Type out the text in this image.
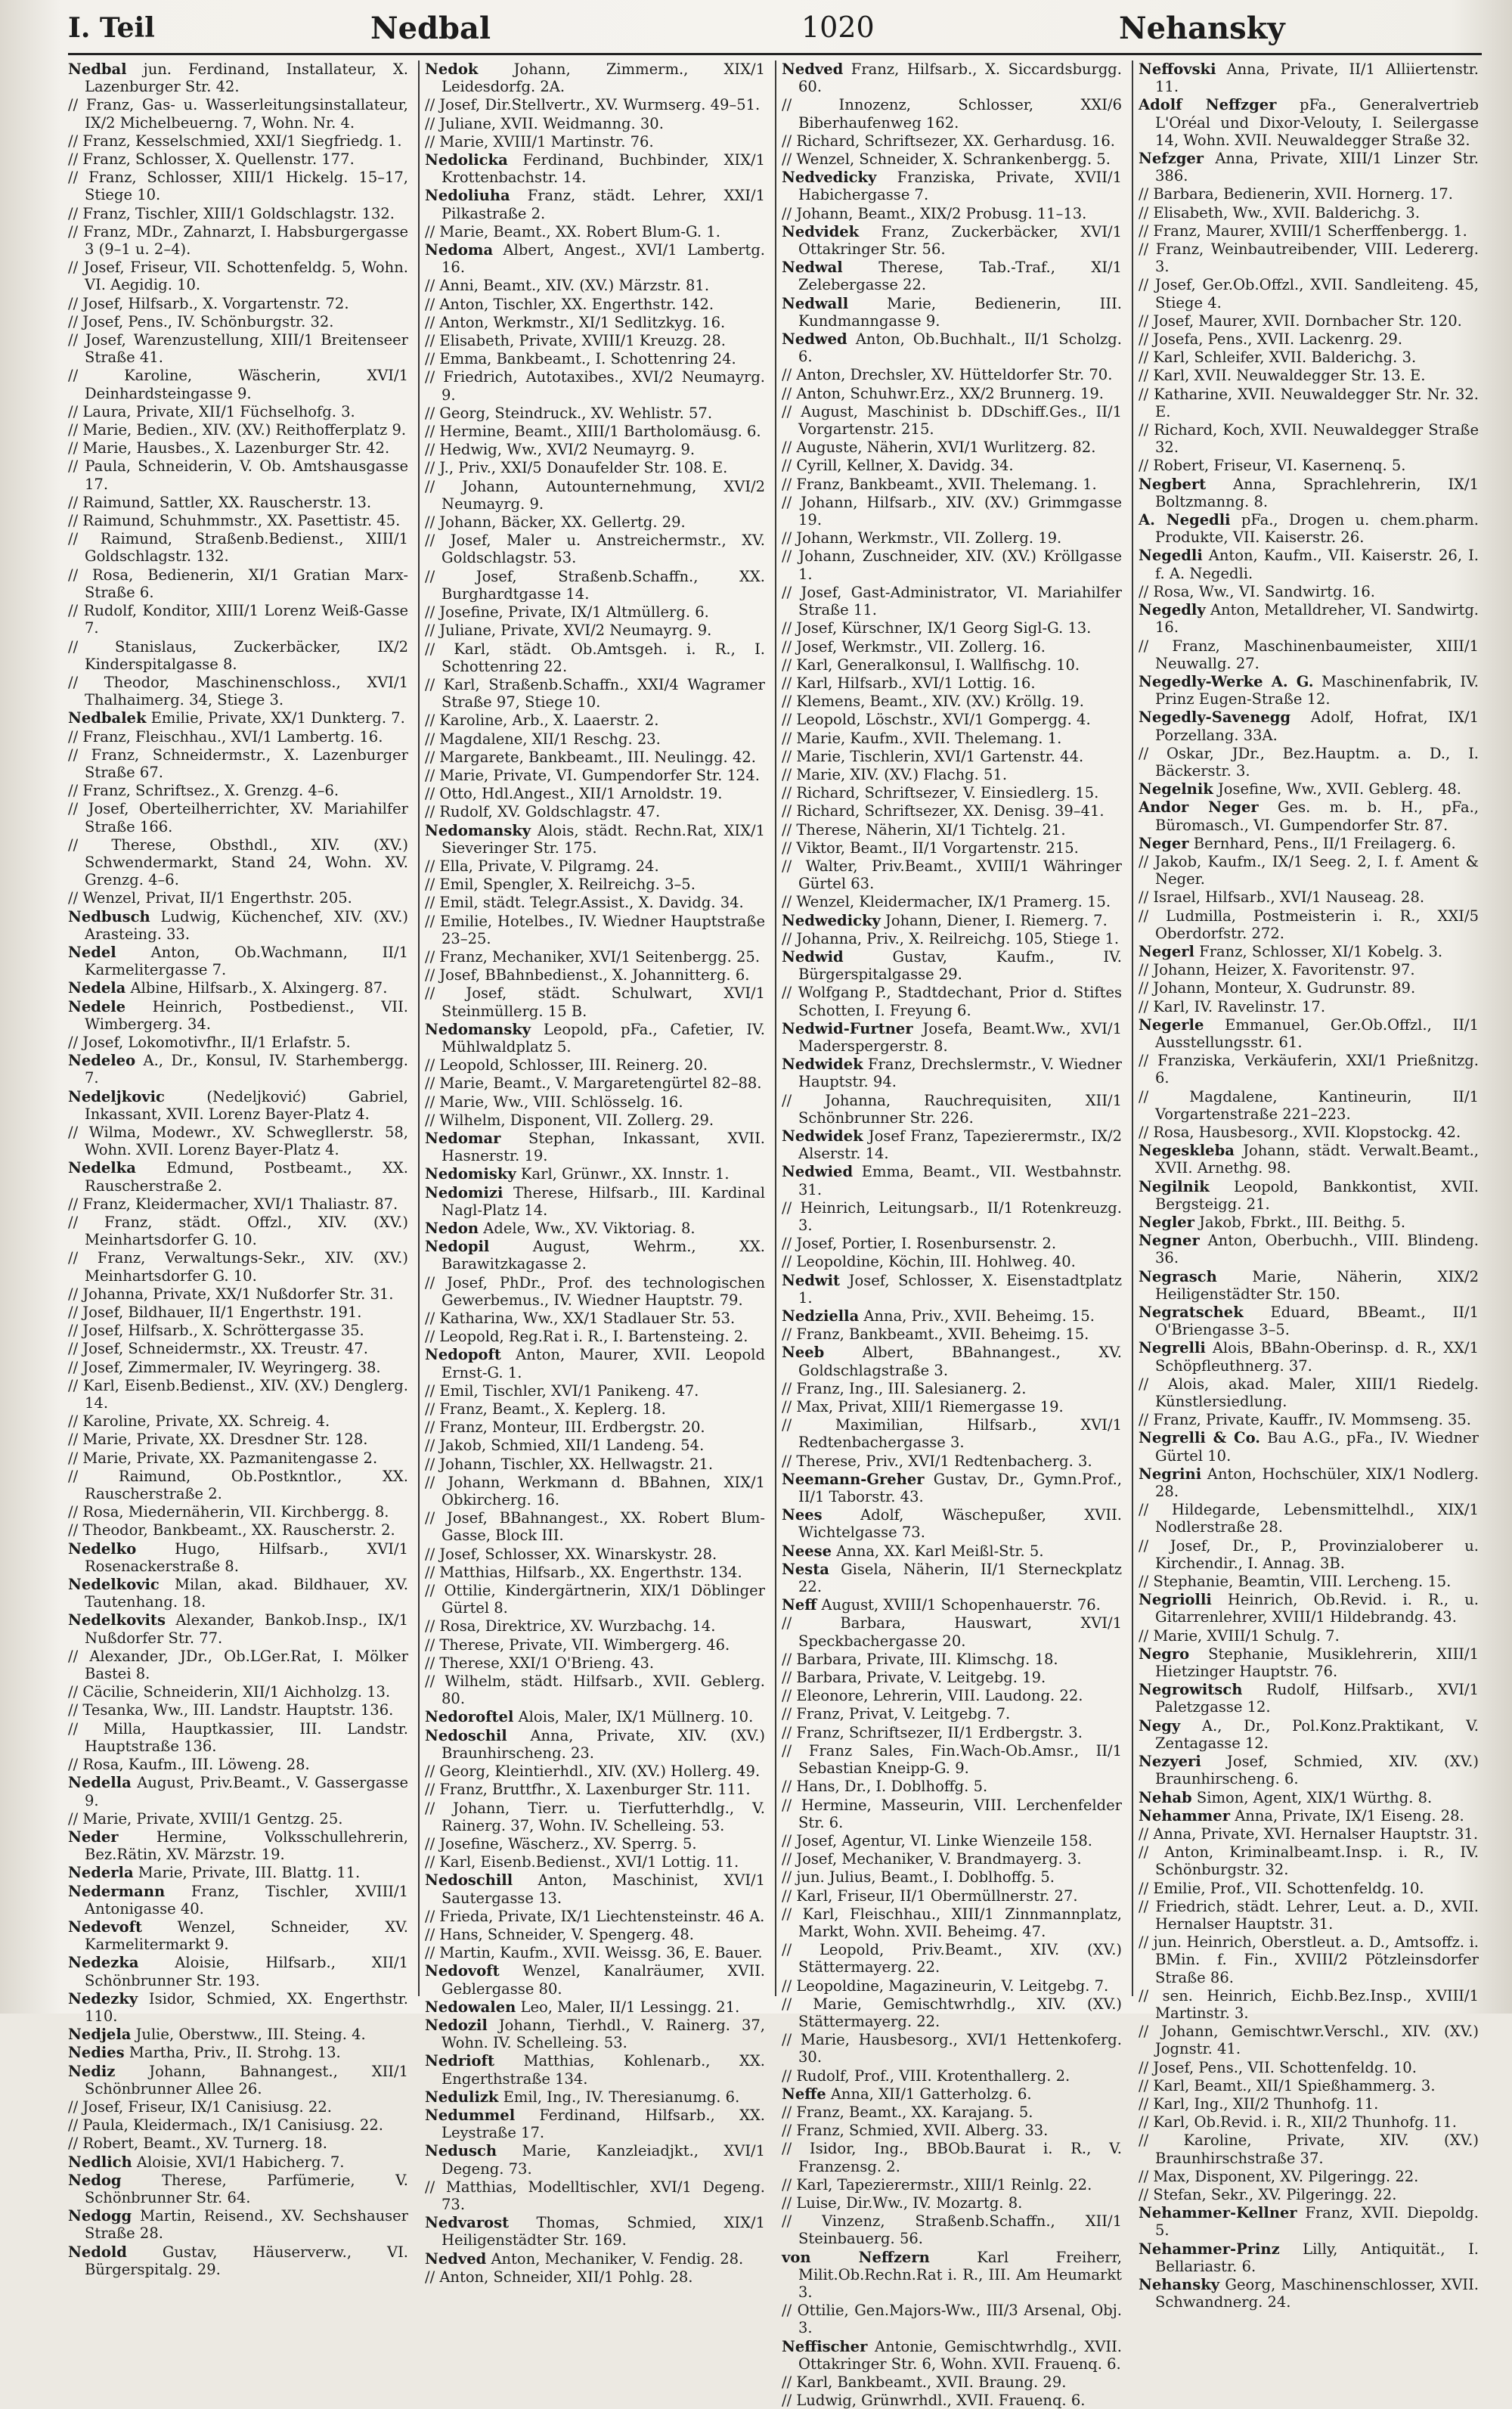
I. Teil	Nedbal	1020	Nehansky
Nedbal jun. Ferdinand, Installateur, X. Lazenburger Str. 42.
// Franz, Gas- u. Wasserleitungsinstallateur, IX/2 Michelbeuerng. 7, Wohn. Nr. 4.
// Franz, Kesselschmied, XXI/1 Siegfriedg. 1.
// Franz, Schlosser, X. Quellenstr. 177.
// Franz, Schlosser, XIII/1 Hickelg. 15–17, Stiege 10.
// Franz, Tischler, XIII/1 Goldschlagstr. 132.
// Franz, MDr., Zahnarzt, I. Habsburgergasse 3 (9–1 u. 2–4).
// Josef, Friseur, VII. Schottenfeldg. 5, Wohn. VI. Aegidig. 10.
// Josef, Hilfsarb., X. Vorgartenstr. 72.
// Josef, Pens., IV. Schönburgstr. 32.
// Josef, Warenzustellung, XIII/1 Breitenseer Straße 41.
// Karoline, Wäscherin, XVI/1 Deinhardsteingasse 9.
// Laura, Private, XII/1 Füchselhofg. 3.
// Marie, Bedien., XIV. (XV.) Reithofferplatz 9.
// Marie, Hausbes., X. Lazenburger Str. 42.
// Paula, Schneiderin, V. Ob. Amtshausgasse 17.
// Raimund, Sattler, XX. Rauscherstr. 13.
// Raimund, Schuhmmstr., XX. Pasettistr. 45.
// Raimund, Straßenb.Bedienst., XIII/1 Goldschlagstr. 132.
// Rosa, Bedienerin, XI/1 Gratian Marx-Straße 6.
// Rudolf, Konditor, XIII/1 Lorenz Weiß-Gasse 7.
// Stanislaus, Zuckerbäcker, IX/2 Kinderspitalgasse 8.
// Theodor, Maschinenschloss., XVI/1 Thalhaimerg. 34, Stiege 3.
Nedbalek Emilie, Private, XX/1 Dunkterg. 7.
// Franz, Fleischhau., XVI/1 Lambertg. 16.
// Franz, Schneidermstr., X. Lazenburger Straße 67.
// Franz, Schriftsez., X. Grenzg. 4–6.
// Josef, Oberteilherrichter, XV. Mariahilfer Straße 166.
// Therese, Obsthdl., XIV. (XV.) Schwendermarkt, Stand 24, Wohn. XV. Grenzg. 4–6.
// Wenzel, Privat, II/1 Engerthstr. 205.
Nedbusch Ludwig, Küchenchef, XIV. (XV.) Arasteing. 33.
Nedel Anton, Ob.Wachmann, II/1 Karmelitergasse 7.
Nedela Albine, Hilfsarb., X. Alxingerg. 87.
Nedele Heinrich, Postbedienst., VII. Wimbergerg. 34.
// Josef, Lokomotivfhr., II/1 Erlafstr. 5.
Nedeleo A., Dr., Konsul, IV. Starhembergg. 7.
Nedeljkovic (Nedeljković) Gabriel, Inkassant, XVII. Lorenz Bayer-Platz 4.
// Wilma, Modewr., XV. Schwegllerstr. 58, Wohn. XVII. Lorenz Bayer-Platz 4.
Nedelka Edmund, Postbeamt., XX. Rauscherstraße 2.
// Franz, Kleidermacher, XVI/1 Thaliastr. 87.
// Franz, städt. Offzl., XIV. (XV.) Meinhartsdorfer G. 10.
// Franz, Verwaltungs-Sekr., XIV. (XV.) Meinhartsdorfer G. 10.
// Johanna, Private, XX/1 Nußdorfer Str. 31.
// Josef, Bildhauer, II/1 Engerthstr. 191.
// Josef, Hilfsarb., X. Schröttergasse 35.
// Josef, Schneidermstr., XX. Treustr. 47.
// Josef, Zimmermaler, IV. Weyringerg. 38.
// Karl, Eisenb.Bedienst., XIV. (XV.) Denglerg. 14.
// Karoline, Private, XX. Schreig. 4.
// Marie, Private, XX. Dresdner Str. 128.
// Marie, Private, XX. Pazmanitengasse 2.
// Raimund, Ob.Postkntlor., XX. Rauscherstraße 2.
// Rosa, Miedernäherin, VII. Kirchbergg. 8.
// Theodor, Bankbeamt., XX. Rauscherstr. 2.
Nedelko Hugo, Hilfsarb., XVI/1 Rosenackerstraße 8.
Nedelkovic Milan, akad. Bildhauer, XV. Tautenhang. 18.
Nedelkovits Alexander, Bankob.Insp., IX/1 Nußdorfer Str. 77.
// Alexander, JDr., Ob.LGer.Rat, I. Mölker Bastei 8.
// Cäcilie, Schneiderin, XII/1 Aichholzg. 13.
// Tesanka, Ww., III. Landstr. Hauptstr. 136.
// Milla, Hauptkassier, III. Landstr. Hauptstraße 136.
// Rosa, Kaufm., III. Löweng. 28.
Nedella August, Priv.Beamt., V. Gassergasse 9.
// Marie, Private, XVIII/1 Gentzg. 25.
Neder Hermine, Volksschullehrerin, Bez.Rätin, XV. Märzstr. 19.
Nederla Marie, Private, III. Blattg. 11.
Nedermann Franz, Tischler, XVIII/1 Antonigasse 40.
Nedevoft Wenzel, Schneider, XV. Karmelitermarkt 9.
Nedezka Aloisie, Hilfsarb., XII/1 Schönbrunner Str. 193.
Nedezky Isidor, Schmied, XX. Engerthstr. 110.
Nedjela Julie, Oberstww., III. Steing. 4.
Nedies Martha, Priv., II. Strohg. 13.
Nediz Johann, Bahnangest., XII/1 Schönbrunner Allee 26.
// Josef, Friseur, IX/1 Canisiusg. 22.
// Paula, Kleidermach., IX/1 Canisiusg. 22.
// Robert, Beamt., XV. Turnerg. 18.
Nedlich Aloisie, XVI/1 Habicherg. 7.
Nedog Therese, Parfümerie, V. Schönbrunner Str. 64.
Nedogg Martin, Reisend., XV. Sechshauser Straße 28.
Nedold Gustav, Häuserverw., VI. Bürgerspitalg. 29.
Nedok Johann, Zimmerm., XIX/1 Leidesdorfg. 2A.
// Josef, Dir.Stellvertr., XV. Wurmserg. 49–51.
// Juliane, XVII. Weidmanng. 30.
// Marie, XVIII/1 Martinstr. 76.
Nedolicka Ferdinand, Buchbinder, XIX/1 Krottenbachstr. 14.
Nedoliuha Franz, städt. Lehrer, XXI/1 Pilkastraße 2.
// Marie, Beamt., XX. Robert Blum-G. 1.
Nedoma Albert, Angest., XVI/1 Lambertg. 16.
// Anni, Beamt., XIV. (XV.) Märzstr. 81.
// Anton, Tischler, XX. Engerthstr. 142.
// Anton, Werkmstr., XI/1 Sedlitzkyg. 16.
// Elisabeth, Private, XVIII/1 Kreuzg. 28.
// Emma, Bankbeamt., I. Schottenring 24.
// Friedrich, Autotaxibes., XVI/2 Neumayrg. 9.
// Georg, Steindruck., XV. Wehlistr. 57.
// Hermine, Beamt., XIII/1 Bartholomäusg. 6.
// Hedwig, Ww., XVI/2 Neumayrg. 9.
// J., Priv., XXI/5 Donaufelder Str. 108. E.
// Johann, Autounternehmung, XVI/2 Neumayrg. 9.
// Johann, Bäcker, XX. Gellertg. 29.
// Josef, Maler u. Anstreichermstr., XV. Goldschlagstr. 53.
// Josef, Straßenb.Schaffn., XX. Burghardtgasse 14.
// Josefine, Private, IX/1 Altmüllerg. 6.
// Juliane, Private, XVI/2 Neumayrg. 9.
// Karl, städt. Ob.Amtsgeh. i. R., I. Schottenring 22.
// Karl, Straßenb.Schaffn., XXI/4 Wagramer Straße 97, Stiege 10.
// Karoline, Arb., X. Laaerstr. 2.
// Magdalene, XII/1 Reschg. 23.
// Margarete, Bankbeamt., III. Neulingg. 42.
// Marie, Private, VI. Gumpendorfer Str. 124.
// Otto, Hdl.Angest., XII/1 Arnoldstr. 19.
// Rudolf, XV. Goldschlagstr. 47.
Nedomansky Alois, städt. Rechn.Rat, XIX/1 Sieveringer Str. 175.
// Ella, Private, V. Pilgramg. 24.
// Emil, Spengler, X. Reilreichg. 3–5.
// Emil, städt. Telegr.Assist., X. Davidg. 34.
// Emilie, Hotelbes., IV. Wiedner Hauptstraße 23–25.
// Franz, Mechaniker, XVI/1 Seitenbergg. 25.
// Josef, BBahnbedienst., X. Johannitterg. 6.
// Josef, städt. Schulwart, XVI/1 Steinmüllerg. 15 B.
Nedomansky Leopold, pFa., Cafetier, IV. Mühlwaldplatz 5.
// Leopold, Schlosser, III. Reinerg. 20.
// Marie, Beamt., V. Margaretengürtel 82–88.
// Marie, Ww., VIII. Schlösselg. 16.
// Wilhelm, Disponent, VII. Zollerg. 29.
Nedomar Stephan, Inkassant, XVII. Hasnerstr. 19.
Nedomisky Karl, Grünwr., XX. Innstr. 1.
Nedomizi Therese, Hilfsarb., III. Kardinal Nagl-Platz 14.
Nedon Adele, Ww., XV. Viktoriag. 8.
Nedopil August, Wehrm., XX. Barawitzkagasse 2.
// Josef, PhDr., Prof. des technologischen Gewerbemus., IV. Wiedner Hauptstr. 79.
// Katharina, Ww., XX/1 Stadlauer Str. 53.
// Leopold, Reg.Rat i. R., I. Bartensteing. 2.
Nedopoft Anton, Maurer, XVII. Leopold Ernst-G. 1.
// Emil, Tischler, XVI/1 Panikeng. 47.
// Franz, Beamt., X. Keplerg. 18.
// Franz, Monteur, III. Erdbergstr. 20.
// Jakob, Schmied, XII/1 Landeng. 54.
// Johann, Tischler, XX. Hellwagstr. 21.
// Johann, Werkmann d. BBahnen, XIX/1 Obkircherg. 16.
// Josef, BBahnangest., XX. Robert Blum-Gasse, Block III.
// Josef, Schlosser, XX. Winarskystr. 28.
// Matthias, Hilfsarb., XX. Engerthstr. 134.
// Ottilie, Kindergärtnerin, XIX/1 Döblinger Gürtel 8.
// Rosa, Direktrice, XV. Wurzbachg. 14.
// Therese, Private, VII. Wimbergerg. 46.
// Therese, XXI/1 O'Brieng. 43.
// Wilhelm, städt. Hilfsarb., XVII. Geblerg. 80.
Nedoroftel Alois, Maler, IX/1 Müllnerg. 10.
Nedoschil Anna, Private, XIV. (XV.) Braunhirscheng. 23.
// Georg, Kleintierhdl., XIV. (XV.) Hollerg. 49.
// Franz, Bruttfhr., X. Laxenburger Str. 111.
// Johann, Tierr. u. Tierfutterhdlg., V. Rainerg. 37, Wohn. IV. Schelleing. 53.
// Josefine, Wäscherz., XV. Sperrg. 5.
// Karl, Eisenb.Bedienst., XVI/1 Lottig. 11.
Nedoschill Anton, Maschinist, XVI/1 Sautergasse 13.
// Frieda, Private, IX/1 Liechtensteinstr. 46 A.
// Hans, Schneider, V. Spengerg. 48.
// Martin, Kaufm., XVII. Weissg. 36, E. Bauer.
Nedovoft Wenzel, Kanalräumer, XVII. Geblergasse 80.
Nedowalen Leo, Maler, II/1 Lessingg. 21.
Nedozil Johann, Tierhdl., V. Rainerg. 37, Wohn. IV. Schelleing. 53.
Nedrioft Matthias, Kohlenarb., XX. Engerthstraße 134.
Nedulizk Emil, Ing., IV. Theresianumg. 6.
Nedummel Ferdinand, Hilfsarb., XX. Leystraße 17.
Nedusch Marie, Kanzleiadjkt., XVI/1 Degeng. 73.
// Matthias, Modelltischler, XVI/1 Degeng. 73.
Nedvarost Thomas, Schmied, XIX/1 Heiligenstädter Str. 169.
Nedved Anton, Mechaniker, V. Fendig. 28.
// Anton, Schneider, XII/1 Pohlg. 28.
Nedved Franz, Hilfsarb., X. Siccardsburgg. 60.
// Innozenz, Schlosser, XXI/6 Biberhaufenweg 162.
// Richard, Schriftsezer, XX. Gerhardusg. 16.
// Wenzel, Schneider, X. Schrankenbergg. 5.
Nedvedicky Franziska, Private, XVII/1 Habichergasse 7.
// Johann, Beamt., XIX/2 Probusg. 11–13.
Nedvidek Franz, Zuckerbäcker, XVI/1 Ottakringer Str. 56.
Nedwal Therese, Tab.-Traf., XI/1 Zelebergasse 22.
Nedwall Marie, Bedienerin, III. Kundmanngasse 9.
Nedwed Anton, Ob.Buchhalt., II/1 Scholzg. 6.
// Anton, Drechsler, XV. Hütteldorfer Str. 70.
// Anton, Schuhwr.Erz., XX/2 Brunnerg. 19.
// August, Maschinist b. DDschiff.Ges., II/1 Vorgartenstr. 215.
// Auguste, Näherin, XVI/1 Wurlitzerg. 82.
// Cyrill, Kellner, X. Davidg. 34.
// Franz, Bankbeamt., XVII. Thelemang. 1.
// Johann, Hilfsarb., XIV. (XV.) Grimmgasse 19.
// Johann, Werkmstr., VII. Zollerg. 19.
// Johann, Zuschneider, XIV. (XV.) Kröllgasse 1.
// Josef, Gast-Administrator, VI. Mariahilfer Straße 11.
// Josef, Kürschner, IX/1 Georg Sigl-G. 13.
// Josef, Werkmstr., VII. Zollerg. 16.
// Karl, Generalkonsul, I. Wallfischg. 10.
// Karl, Hilfsarb., XVI/1 Lottig. 16.
// Klemens, Beamt., XIV. (XV.) Kröllg. 19.
// Leopold, Löschstr., XVI/1 Gompergg. 4.
// Marie, Kaufm., XVII. Thelemang. 1.
// Marie, Tischlerin, XVI/1 Gartenstr. 44.
// Marie, XIV. (XV.) Flachg. 51.
// Richard, Schriftsezer, V. Einsiedlerg. 15.
// Richard, Schriftsezer, XX. Denisg. 39–41.
// Therese, Näherin, XI/1 Tichtelg. 21.
// Viktor, Beamt., II/1 Vorgartenstr. 215.
// Walter, Priv.Beamt., XVIII/1 Währinger Gürtel 63.
// Wenzel, Kleidermacher, IX/1 Pramerg. 15.
Nedwedicky Johann, Diener, I. Riemerg. 7.
// Johanna, Priv., X. Reilreichg. 105, Stiege 1.
Nedwid Gustav, Kaufm., IV. Bürgerspitalgasse 29.
// Wolfgang P., Stadtdechant, Prior d. Stiftes Schotten, I. Freyung 6.
Nedwid-Furtner Josefa, Beamt.Ww., XVI/1 Maderspergerstr. 8.
Nedwidek Franz, Drechslermstr., V. Wiedner Hauptstr. 94.
// Johanna, Rauchrequisiten, XII/1 Schönbrunner Str. 226.
Nedwidek Josef Franz, Tapezierermstr., IX/2 Alserstr. 14.
Nedwied Emma, Beamt., VII. Westbahnstr. 31.
// Heinrich, Leitungsarb., II/1 Rotenkreuzg. 3.
// Josef, Portier, I. Rosenbursenstr. 2.
// Leopoldine, Köchin, III. Hohlweg. 40.
Nedwit Josef, Schlosser, X. Eisenstadtplatz 1.
Nedziella Anna, Priv., XVII. Beheimg. 15.
// Franz, Bankbeamt., XVII. Beheimg. 15.
Neeb Albert, BBahnangest., XV. Goldschlagstraße 3.
// Franz, Ing., III. Salesianerg. 2.
// Max, Privat, XIII/1 Riemergasse 19.
// Maximilian, Hilfsarb., XVI/1 Redtenbachergasse 3.
// Therese, Priv., XVI/1 Redtenbacherg. 3.
Neemann-Greher Gustav, Dr., Gymn.Prof., II/1 Taborstr. 43.
Nees Adolf, Wäschepußer, XVII. Wichtelgasse 73.
Neese Anna, XX. Karl Meißl-Str. 5.
Nesta Gisela, Näherin, II/1 Sterneckplatz 22.
Neff August, XVIII/1 Schopenhauerstr. 76.
// Barbara, Hauswart, XVI/1 Speckbachergasse 20.
// Barbara, Private, III. Klimschg. 18.
// Barbara, Private, V. Leitgebg. 19.
// Eleonore, Lehrerin, VIII. Laudong. 22.
// Franz, Privat, V. Leitgebg. 7.
// Franz, Schriftsezer, II/1 Erdbergstr. 3.
// Franz Sales, Fin.Wach-Ob.Amsr., II/1 Sebastian Kneipp-G. 9.
// Hans, Dr., I. Doblhoffg. 5.
// Hermine, Masseurin, VIII. Lerchenfelder Str. 6.
// Josef, Agentur, VI. Linke Wienzeile 158.
// Josef, Mechaniker, V. Brandmayerg. 3.
// jun. Julius, Beamt., I. Doblhoffg. 5.
// Karl, Friseur, II/1 Obermüllnerstr. 27.
// Karl, Fleischhau., XIII/1 Zinnmannplatz, Markt, Wohn. XVII. Beheimg. 47.
// Leopold, Priv.Beamt., XIV. (XV.) Stättermayerg. 22.
// Leopoldine, Magazineurin, V. Leitgebg. 7.
// Marie, Gemischtwrhdlg., XIV. (XV.) Stättermayerg. 22.
// Marie, Hausbesorg., XVI/1 Hettenkoferg. 30.
// Rudolf, Prof., VIII. Krotenthallerg. 2.
Neffe Anna, XII/1 Gatterholzg. 6.
// Franz, Beamt., XX. Karajang. 5.
// Franz, Schmied, XVII. Alberg. 33.
// Isidor, Ing., BBOb.Baurat i. R., V. Franzensg. 2.
// Karl, Tapezierermstr., XIII/1 Reinlg. 22.
// Luise, Dir.Ww., IV. Mozartg. 8.
// Vinzenz, Straßenb.Schaffn., XII/1 Steinbauerg. 56.
von Neffzern Karl Freiherr, Milit.Ob.Rechn.Rat i. R., III. Am Heumarkt 3.
// Ottilie, Gen.Majors-Ww., III/3 Arsenal, Obj. 3.
Neffischer Antonie, Gemischtwrhdlg., XVII. Ottakringer Str. 6, Wohn. XVII. Frauenq. 6.
// Karl, Bankbeamt., XVII. Braung. 29.
// Ludwig, Grünwrhdl., XVII. Frauenq. 6.
Neffovski Anna, Private, II/1 Alliiertenstr. 11.
Adolf Neffzger pFa., Generalvertrieb L'Oréal und Dixor-Velouty, I. Seilergasse 14, Wohn. XVII. Neuwaldegger Straße 32.
Nefzger Anna, Private, XIII/1 Linzer Str. 386.
// Barbara, Bedienerin, XVII. Hornerg. 17.
// Elisabeth, Ww., XVII. Balderichg. 3.
// Franz, Maurer, XVIII/1 Scherffenbergg. 1.
// Franz, Weinbautreibender, VIII. Ledererg. 3.
// Josef, Ger.Ob.Offzl., XVII. Sandleiteng. 45, Stiege 4.
// Josef, Maurer, XVII. Dornbacher Str. 120.
// Josefa, Pens., XVII. Lackenrg. 29.
// Karl, Schleifer, XVII. Balderichg. 3.
// Karl, XVII. Neuwaldegger Str. 13. E.
// Katharine, XVII. Neuwaldegger Str. Nr. 32. E.
// Richard, Koch, XVII. Neuwaldegger Straße 32.
// Robert, Friseur, VI. Kasernenq. 5.
Negbert Anna, Sprachlehrerin, IX/1 Boltzmanng. 8.
A. Negedli pFa., Drogen u. chem.pharm. Produkte, VII. Kaiserstr. 26.
Negedli Anton, Kaufm., VII. Kaiserstr. 26, I. f. A. Negedli.
// Rosa, Ww., VI. Sandwirtg. 16.
Negedly Anton, Metalldreher, VI. Sandwirtg. 16.
// Franz, Maschinenbaumeister, XIII/1 Neuwallg. 27.
Negedly-Werke A. G. Maschinenfabrik, IV. Prinz Eugen-Straße 12.
Negedly-Savenegg Adolf, Hofrat, IX/1 Porzellang. 33A.
// Oskar, JDr., Bez.Hauptm. a. D., I. Bäckerstr. 3.
Negelnik Josefine, Ww., XVII. Geblerg. 48.
Andor Neger Ges. m. b. H., pFa., Büromasch., VI. Gumpendorfer Str. 87.
Neger Bernhard, Pens., II/1 Freilagerg. 6.
// Jakob, Kaufm., IX/1 Seeg. 2, I. f. Ament & Neger.
// Israel, Hilfsarb., XVI/1 Nauseag. 28.
// Ludmilla, Postmeisterin i. R., XXI/5 Oberdorfstr. 272.
Negerl Franz, Schlosser, XI/1 Kobelg. 3.
// Johann, Heizer, X. Favoritenstr. 97.
// Johann, Monteur, X. Gudrunstr. 89.
// Karl, IV. Ravelinstr. 17.
Negerle Emmanuel, Ger.Ob.Offzl., II/1 Ausstellungsstr. 61.
// Franziska, Verkäuferin, XXI/1 Prießnitzg. 6.
// Magdalene, Kantineurin, II/1 Vorgartenstraße 221–223.
// Rosa, Hausbesorg., XVII. Klopstockg. 42.
Negeskleba Johann, städt. Verwalt.Beamt., XVII. Arnethg. 98.
Negilnik Leopold, Bankkontist, XVII. Bergsteigg. 21.
Negler Jakob, Fbrkt., III. Beithg. 5.
Negner Anton, Oberbuchh., VIII. Blindeng. 36.
Negrasch Marie, Näherin, XIX/2 Heiligenstädter Str. 150.
Negratschek Eduard, BBeamt., II/1 O'Briengasse 3–5.
Negrelli Alois, BBahn-Oberinsp. d. R., XX/1 Schöpfleuthnerg. 37.
// Alois, akad. Maler, XIII/1 Riedelg. Künstlersiedlung.
// Franz, Private, Kauffr., IV. Mommseng. 35.
Negrelli & Co. Bau A.G., pFa., IV. Wiedner Gürtel 10.
Negrini Anton, Hochschüler, XIX/1 Nodlerg. 28.
// Hildegarde, Lebensmittelhdl., XIX/1 Nodlerstraße 28.
// Josef, Dr., P., Provinzialoberer u. Kirchendir., I. Annag. 3B.
// Stephanie, Beamtin, VIII. Lercheng. 15.
Negriolli Heinrich, Ob.Revid. i. R., u. Gitarrenlehrer, XVIII/1 Hildebrandg. 43.
// Marie, XVIII/1 Schulg. 7.
Negro Stephanie, Musiklehrerin, XIII/1 Hietzinger Hauptstr. 76.
Negrowitsch Rudolf, Hilfsarb., XVI/1 Paletzgasse 12.
Negy A., Dr., Pol.Konz.Praktikant, V. Zentagasse 12.
Nezyeri Josef, Schmied, XIV. (XV.) Braunhirscheng. 6.
Nehab Simon, Agent, XIX/1 Würthg. 8.
Nehammer Anna, Private, IX/1 Eiseng. 28.
// Anna, Private, XVI. Hernalser Hauptstr. 31.
// Anton, Kriminalbeamt.Insp. i. R., IV. Schönburgstr. 32.
// Emilie, Prof., VII. Schottenfeldg. 10.
// Friedrich, städt. Lehrer, Leut. a. D., XVII. Hernalser Hauptstr. 31.
// jun. Heinrich, Oberstleut. a. D., Amtsoffz. i. BMin. f. Fin., XVIII/2 Pötzleinsdorfer Straße 86.
// sen. Heinrich, Eichb.Bez.Insp., XVIII/1 Martinstr. 3.
// Johann, Gemischtwr.Verschl., XIV. (XV.) Jognstr. 41.
// Josef, Pens., VII. Schottenfeldg. 10.
// Karl, Beamt., XII/1 Spießhammerg. 3.
// Karl, Ing., XII/2 Thunhofg. 11.
// Karl, Ob.Revid. i. R., XII/2 Thunhofg. 11.
// Karoline, Private, XIV. (XV.) Braunhirschstraße 37.
// Max, Disponent, XV. Pilgeringg. 22.
// Stefan, Sekr., XV. Pilgeringg. 22.
Nehammer-Kellner Franz, XVII. Diepoldg. 5.
Nehammer-Prinz Lilly, Antiquität., I. Bellariastr. 6.
Nehansky Georg, Maschinenschlosser, XVII. Schwandnerg. 24.
